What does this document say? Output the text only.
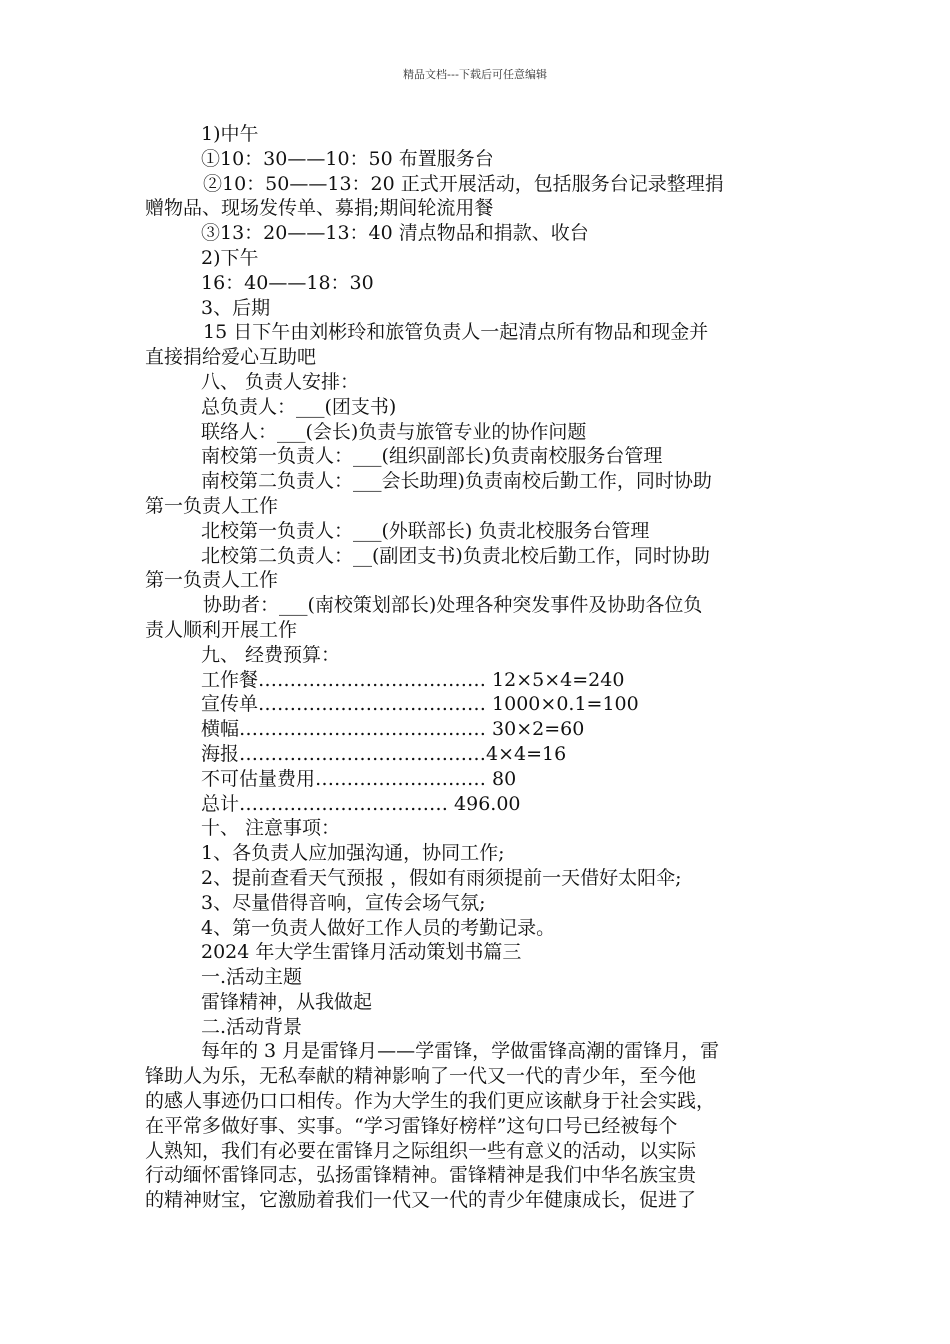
精品文档---下载后可任意编辑
1)中午
①10：30——10：50 布置服务台
②10：50——13：20 正式开展活动，包括服务台记录整理捐
赠物品、现场发传单、募捐;期间轮流用餐
③13：20——13：40 清点物品和捐款、收台
2)下午
16：40——18：30
3、后期
15 日下午由刘彬玲和旅管负责人一起清点所有物品和现金并
直接捐给爱心互助吧
八、 负责人安排：
总负责人：___(团支书)
联络人：___(会长)负责与旅管专业的协作问题
南校第一负责人：___(组织副部长)负责南校服务台管理
南校第二负责人：___会长助理)负责南校后勤工作，同时协助
第一负责人工作
北校第一负责人：___(外联部长) 负责北校服务台管理
北校第二负责人：__(副团支书)负责北校后勤工作，同时协助
第一负责人工作
协助者：___(南校策划部长)处理各种突发事件及协助各位负
责人顺利开展工作
九、 经费预算：
工作餐……………………………… 12×5×4=240
宣传单……………………………… 1000×0.1=100
横幅………………………………… 30×2=60
海报…………………………………4×4=16
不可估量费用……………………… 80
总计…………………………… 496.00
十、 注意事项：
1、各负责人应加强沟通，协同工作;
2、提前查看天气预报 ，假如有雨须提前一天借好太阳伞;
3、尽量借得音响，宣传会场气氛;
4、第一负责人做好工作人员的考勤记录。
2024 年大学生雷锋月活动策划书篇三
一.活动主题
雷锋精神，从我做起
二.活动背景
每年的 3 月是雷锋月——学雷锋，学做雷锋高潮的雷锋月，雷
锋助人为乐，无私奉献的精神影响了一代又一代的青少年，至今他
的感人事迹仍口口相传。作为大学生的我们更应该献身于社会实践，
在平常多做好事、实事。“学习雷锋好榜样”这句口号已经被每个
人熟知，我们有必要在雷锋月之际组织一些有意义的活动，以实际
行动缅怀雷锋同志，弘扬雷锋精神。雷锋精神是我们中华名族宝贵
的精神财宝，它激励着我们一代又一代的青少年健康成长，促进了
